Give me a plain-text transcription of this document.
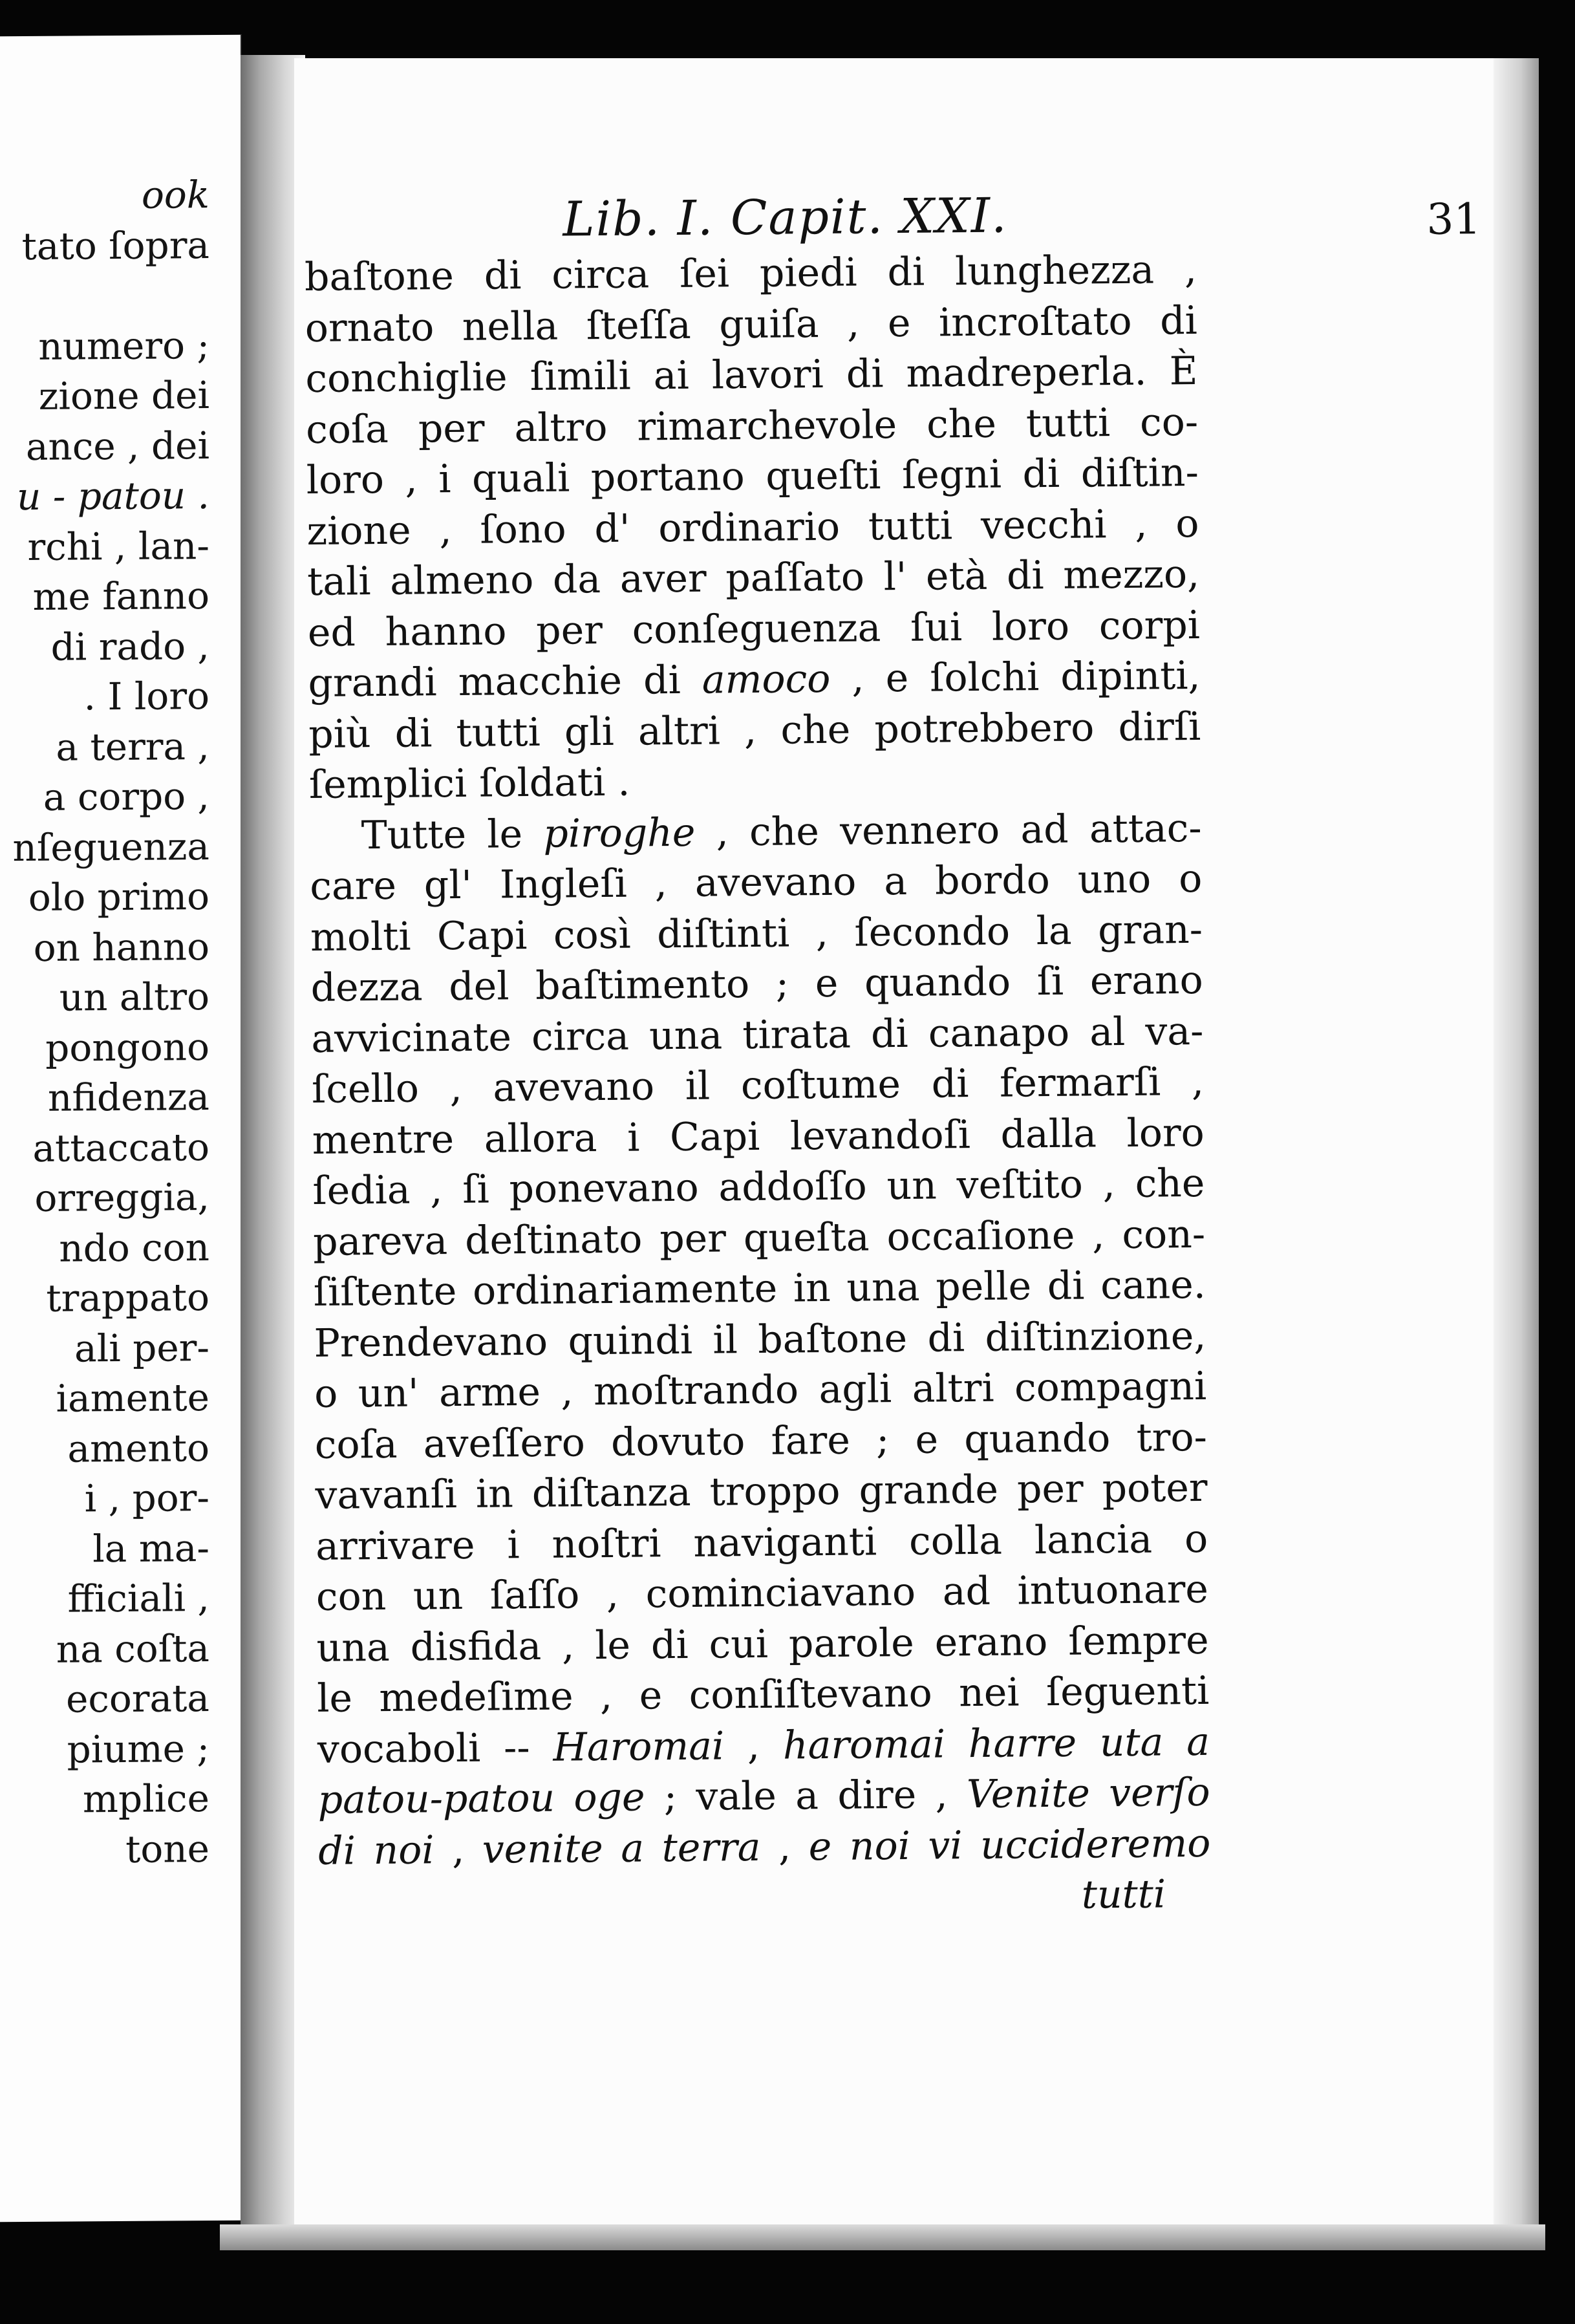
ook
tato ſopra
numero ;
zione dei
ance , dei
u - patou .
rchi , lan-
me fanno
di rado ,
. I loro
a terra ,
a corpo ,
nſeguenza
olo primo
on hanno
un altro
pongono
nfidenza
attaccato
orreggia,
ndo con
trappato
ali per-
iamente
amento
i , por-
la ma-
fficiali ,
na coſta
ecorata
piume ;
mplice
tone
Lib. I. Capit. XXI.	31
baſtone di circa ſei piedi di lunghezza ,
ornato nella ſteſſa guiſa , e incroſtato di
conchiglie ſimili ai lavori di madreperla. È
coſa per altro rimarchevole che tutti co-
loro , i quali portano queſti ſegni di diſtin-
zione , ſono d' ordinario tutti vecchi , o
tali almeno da aver paſſato l' età di mezzo,
ed hanno per conſeguenza ſui loro corpi
grandi macchie di amoco , e ſolchi dipinti,
più di tutti gli altri , che potrebbero dirſi
ſemplici ſoldati .
Tutte le piroghe , che vennero ad attac-
care gl' Ingleſi , avevano a bordo uno o
molti Capi così diſtinti , ſecondo la gran-
dezza del baſtimento ; e quando ſi erano
avvicinate circa una tirata di canapo al va-
ſcello , avevano il coſtume di fermarſi ,
mentre allora i Capi levandoſi dalla loro
ſedia , ſi ponevano addoſſo un veſtito , che
pareva deſtinato per queſta occaſione , con-
ſiſtente ordinariamente in una pelle di cane.
Prendevano quindi il baſtone di diſtinzione,
o un' arme , moſtrando agli altri compagni
coſa aveſſero dovuto fare ; e quando tro-
vavanſi in diſtanza troppo grande per poter
arrivare i noſtri naviganti colla lancia o
con un ſaſſo , cominciavano ad intuonare
una disfida , le di cui parole erano ſempre
le medeſime , e conſiſtevano nei ſeguenti
vocaboli -- Haromai , haromai harre uta a
patou-patou oge ; vale a dire , Venite verſo
di noi , venite a terra , e noi vi uccideremo
tutti
